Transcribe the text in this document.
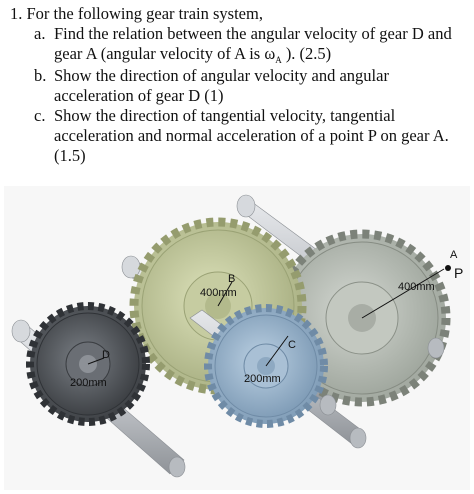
1. For the following gear train system,
a. Find the relation between the angular velocity of gear D and gear A (angular velocity of A is $\omega_A$ ). (2.5)
b. Show the direction of angular velocity and angular acceleration of gear D (1)
c. Show the direction of tangential velocity, tangential acceleration and normal acceleration of a point P on gear A. (1.5)
A
P
400mm
B
400mm
C
200mm
D
200mm
